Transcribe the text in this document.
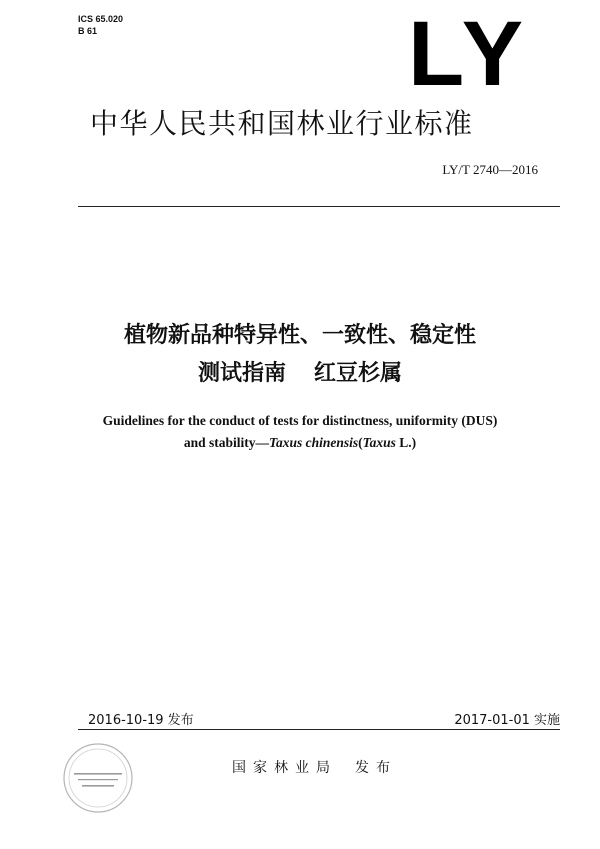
ICS 65.020
B 61	LY
中华人民共和国林业行业标准
LY/T 2740—2016
植物新品种特异性、一致性、稳定性
测试指南 红豆杉属
Guidelines for the conduct of tests for distinctness, uniformity (DUS)
and stability—Taxus chinensis(Taxus L.)
2016-10-19 发布	2017-01-01 实施
国家林业局 发布
